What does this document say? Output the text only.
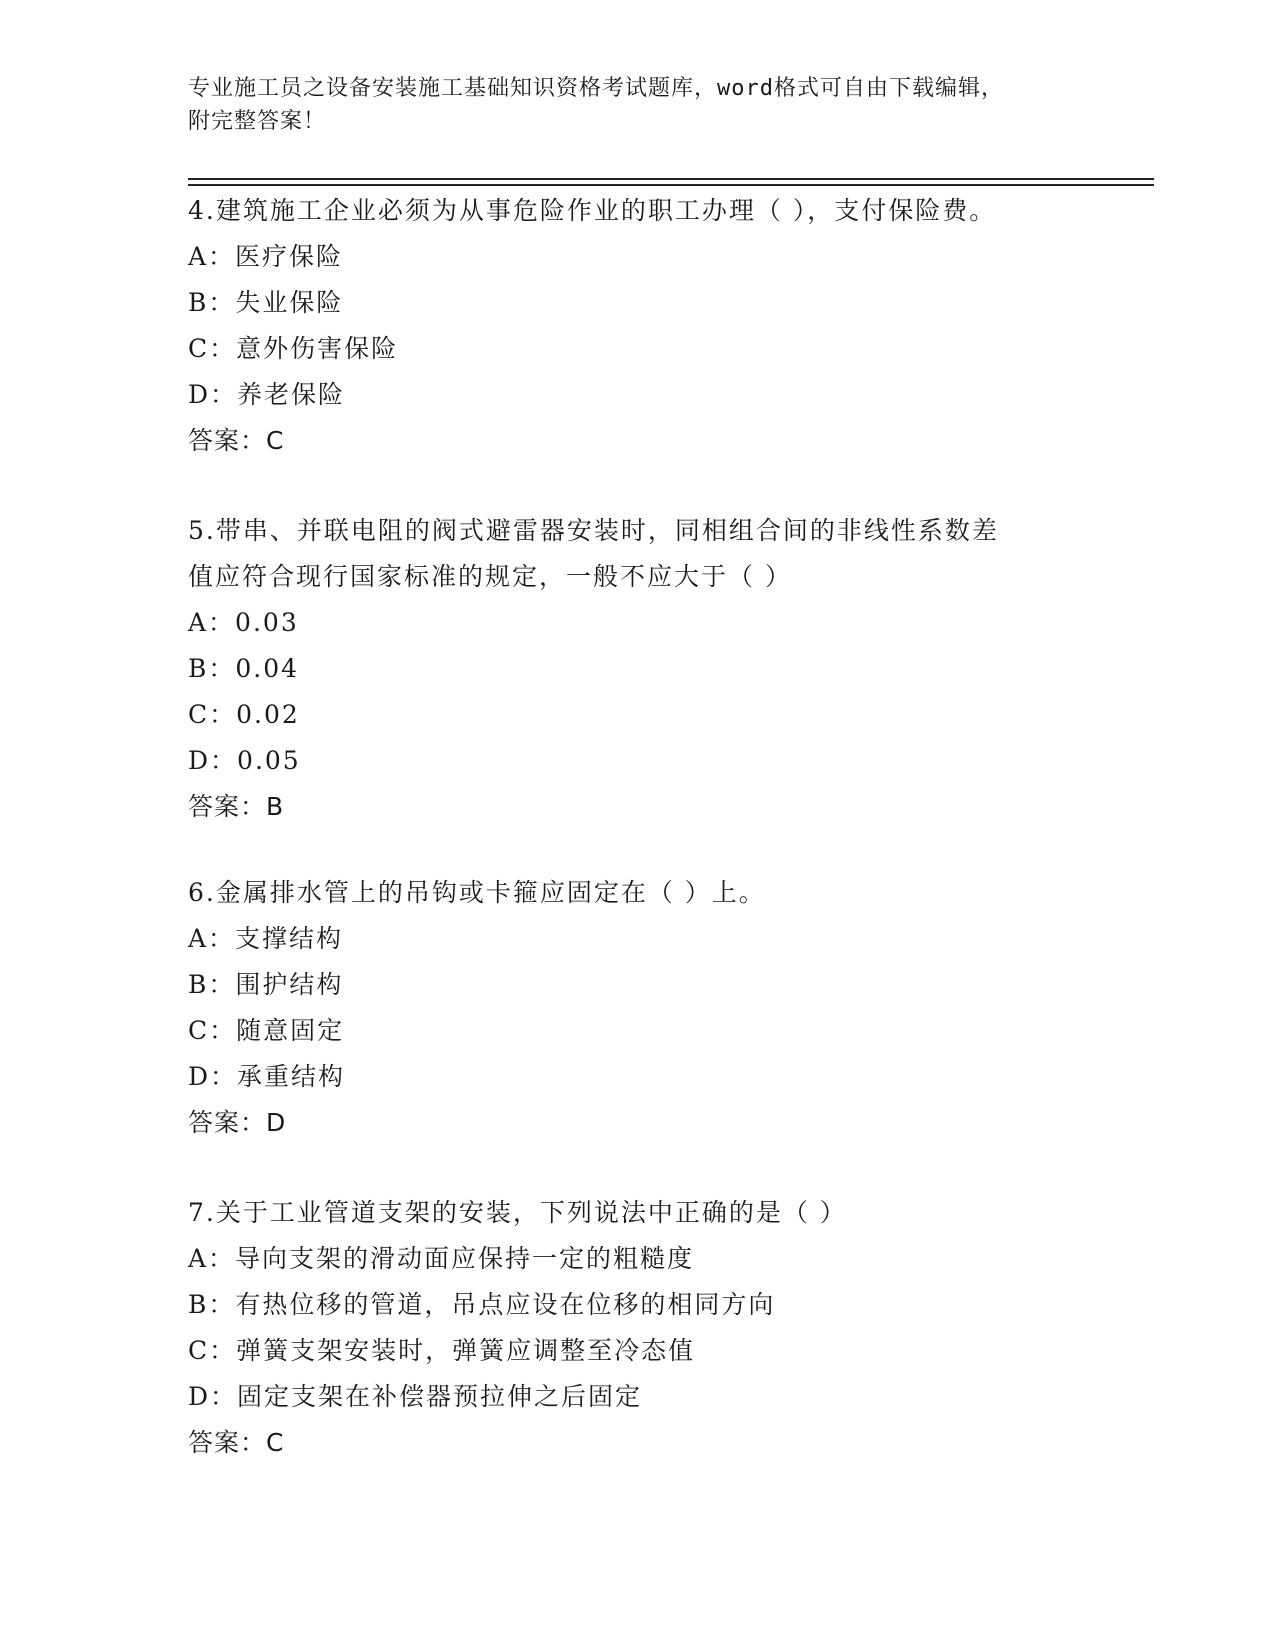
专业施工员之设备安装施工基础知识资格考试题库，word格式可自由下载编辑，
附完整答案！
4.建筑施工企业必须为从事危险作业的职工办理（ ），支付保险费。
A：医疗保险
B：失业保险
C：意外伤害保险
D：养老保险
答案：C
5.带串、并联电阻的阀式避雷器安装时，同相组合间的非线性系数差
值应符合现行国家标准的规定，一般不应大于（ ）
A：0.03
B：0.04
C：0.02
D：0.05
答案：B
6.金属排水管上的吊钩或卡箍应固定在（ ）上。
A：支撑结构
B：围护结构
C：随意固定
D：承重结构
答案：D
7.关于工业管道支架的安装，下列说法中正确的是（ ）
A：导向支架的滑动面应保持一定的粗糙度
B：有热位移的管道，吊点应设在位移的相同方向
C：弹簧支架安装时，弹簧应调整至冷态值
D：固定支架在补偿器预拉伸之后固定
答案：C
